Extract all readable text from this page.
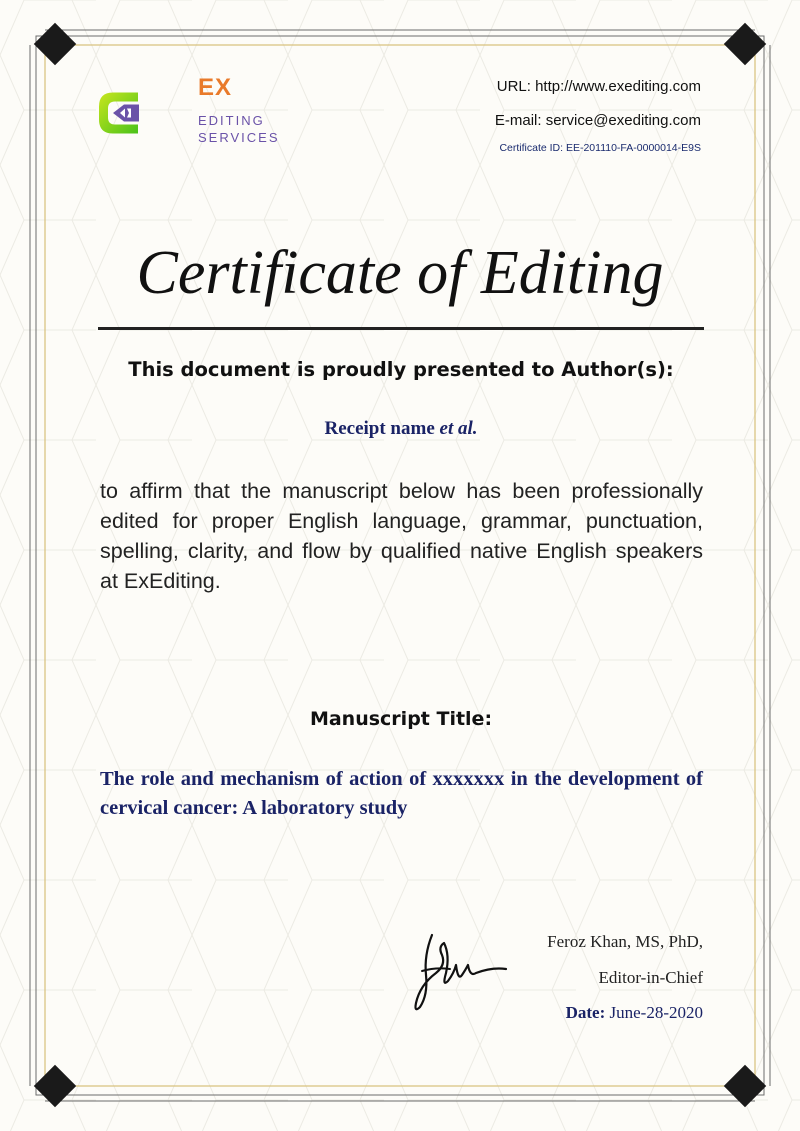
EX
EDITING SERVICES
URL: http://www.exediting.com
E-mail: service@exediting.com
Certificate ID: EE-201110-FA-0000014-E9S
Certificate of Editing
This document is proudly presented to Author(s):
Receipt name et al.
to affirm that the manuscript below has been professionally edited for proper English language, grammar, punctuation, spelling, clarity, and flow by qualified native English speakers at ExEditing.
Manuscript Title:
The role and mechanism of action of xxxxxxx in the development of cervical cancer: A laboratory study
Feroz Khan, MS, PhD,
Editor-in-Chief
Date: June-28-2020
